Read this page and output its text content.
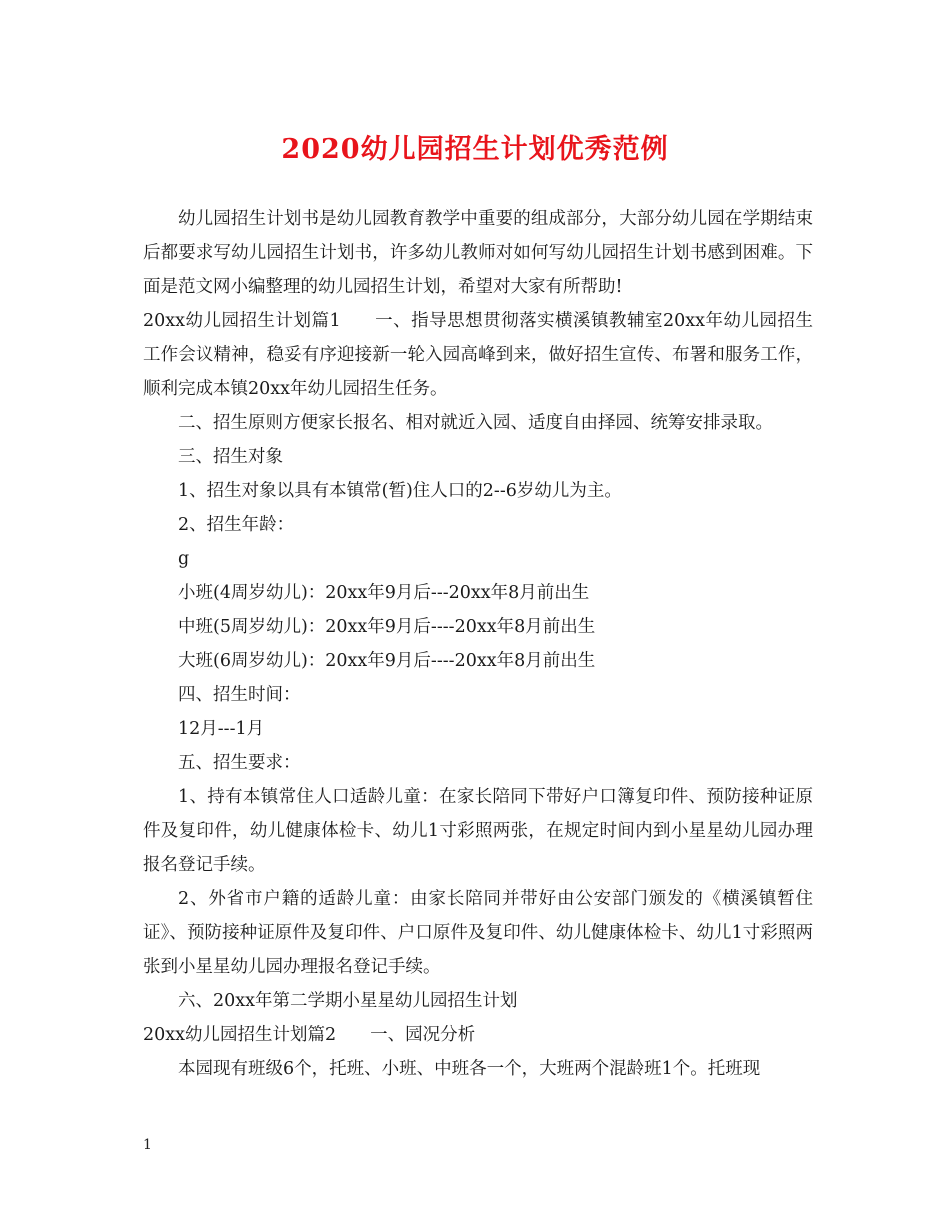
2020幼儿园招生计划优秀范例

幼儿园招生计划书是幼儿园教育教学中重要的组成部分，大部分幼儿园在学期结束后都要求写幼儿园招生计划书，许多幼儿教师对如何写幼儿园招生计划书感到困难。下面是范文网小编整理的幼儿园招生计划，希望对大家有所帮助!

20xx幼儿园招生计划篇1 一、指导思想贯彻落实横溪镇教辅室20xx年幼儿园招生工作会议精神，稳妥有序迎接新一轮入园高峰到来，做好招生宣传、布署和服务工作，顺利完成本镇20xx年幼儿园招生任务。

二、招生原则方便家长报名、相对就近入园、适度自由择园、统筹安排录取。

三、招生对象

1、招生对象以具有本镇常(暂)住人口的2--6岁幼儿为主。

2、招生年龄：

g

小班(4周岁幼儿)：20xx年9月后---20xx年8月前出生

中班(5周岁幼儿)：20xx年9月后----20xx年8月前出生

大班(6周岁幼儿)：20xx年9月后----20xx年8月前出生

四、招生时间：

12月---1月

五、招生要求：

1、持有本镇常住人口适龄儿童：在家长陪同下带好户口簿复印件、预防接种证原件及复印件，幼儿健康体检卡、幼儿1寸彩照两张，在规定时间内到小星星幼儿园办理报名登记手续。

2、外省市户籍的适龄儿童：由家长陪同并带好由公安部门颁发的《横溪镇暂住证》、预防接种证原件及复印件、户口原件及复印件、幼儿健康体检卡、幼儿1寸彩照两张到小星星幼儿园办理报名登记手续。

六、20xx年第二学期小星星幼儿园招生计划

20xx幼儿园招生计划篇2 一、园况分析

本园现有班级6个，托班、小班、中班各一个，大班两个混龄班1个。托班现

1
